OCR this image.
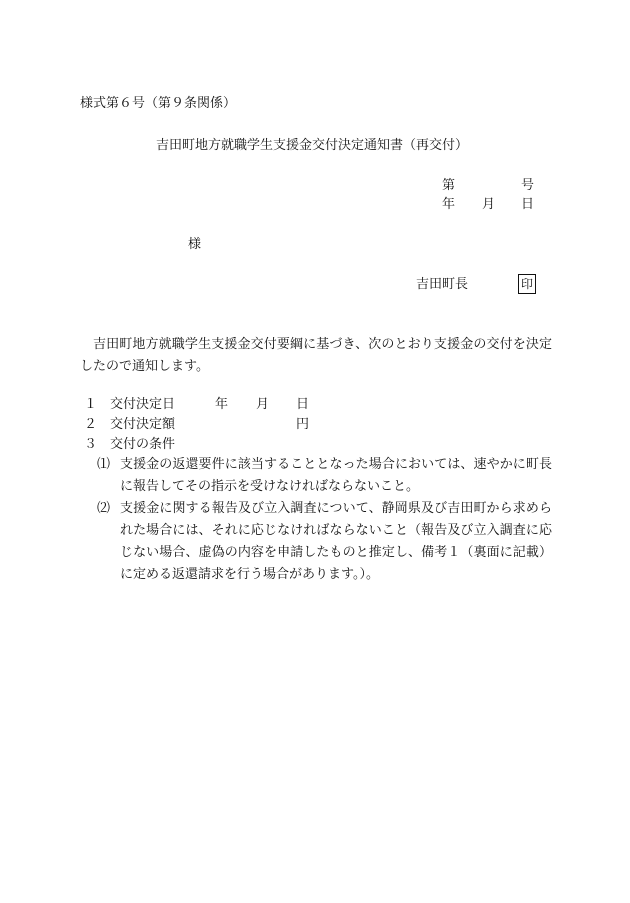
様式第６号（第９条関係）
吉田町地方就職学生支援金交付決定通知書（再交付）
第	号
年 月 日
様
吉田町長	印
吉田町地方就職学生支援金交付要綱に基づき、次のとおり支援金の交付を決定したので通知します。
１ 交付決定日	年 月 日
２ 交付決定額	円
３ 交付の条件
⑴ 支援金の返還要件に該当することとなった場合においては、速やかに町長に報告してその指示を受けなければならないこと。
⑵ 支援金に関する報告及び立入調査について、静岡県及び吉田町から求められた場合には、それに応じなければならないこと（報告及び立入調査に応じない場合、虚偽の内容を申請したものと推定し、備考１（裏面に記載）に定める返還請求を行う場合があります。）。
